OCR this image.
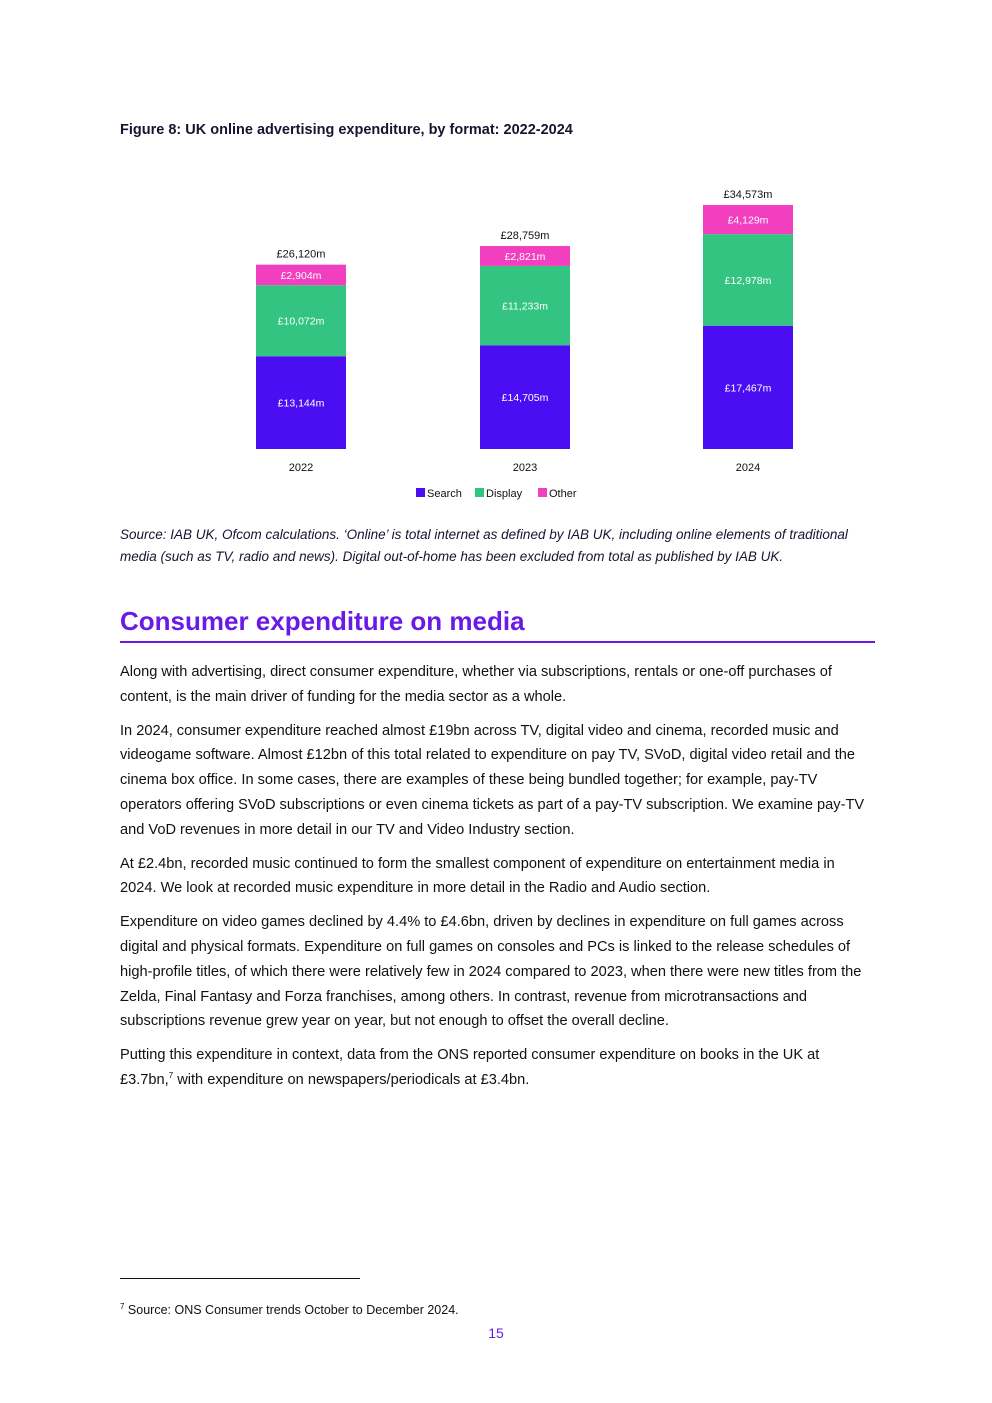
Figure 8: UK online advertising expenditure, by format: 2022-2024
£13,144m
£10,072m
£2,904m
£26,120m
2022
£14,705m
£11,233m
£2,821m
£28,759m
2023
£17,467m
£12,978m
£4,129m
£34,573m
2024
Search Display Other

Source: IAB UK, Ofcom calculations. ‘Online’ is total internet as defined by IAB UK, including online elements of traditional media (such as TV, radio and news). Digital out-of-home has been excluded from total as published by IAB UK.

Consumer expenditure on media

Along with advertising, direct consumer expenditure, whether via subscriptions, rentals or one-off purchases of content, is the main driver of funding for the media sector as a whole.

In 2024, consumer expenditure reached almost £19bn across TV, digital video and cinema, recorded music and videogame software. Almost £12bn of this total related to expenditure on pay TV, SVoD, digital video retail and the cinema box office. In some cases, there are examples of these being bundled together; for example, pay-TV operators offering SVoD subscriptions or even cinema tickets as part of a pay-TV subscription. We examine pay-TV and VoD revenues in more detail in our TV and Video Industry section.

At £2.4bn, recorded music continued to form the smallest component of expenditure on entertainment media in 2024. We look at recorded music expenditure in more detail in the Radio and Audio section.

Expenditure on video games declined by 4.4% to £4.6bn, driven by declines in expenditure on full games across digital and physical formats. Expenditure on full games on consoles and PCs is linked to the release schedules of high-profile titles, of which there were relatively few in 2024 compared to 2023, when there were new titles from the Zelda, Final Fantasy and Forza franchises, among others. In contrast, revenue from microtransactions and subscriptions revenue grew year on year, but not enough to offset the overall decline.

Putting this expenditure in context, data from the ONS reported consumer expenditure on books in the UK at £3.7bn,$^7$ with expenditure on newspapers/periodicals at £3.4bn.

$^7$ Source: ONS Consumer trends October to December 2024.

15
